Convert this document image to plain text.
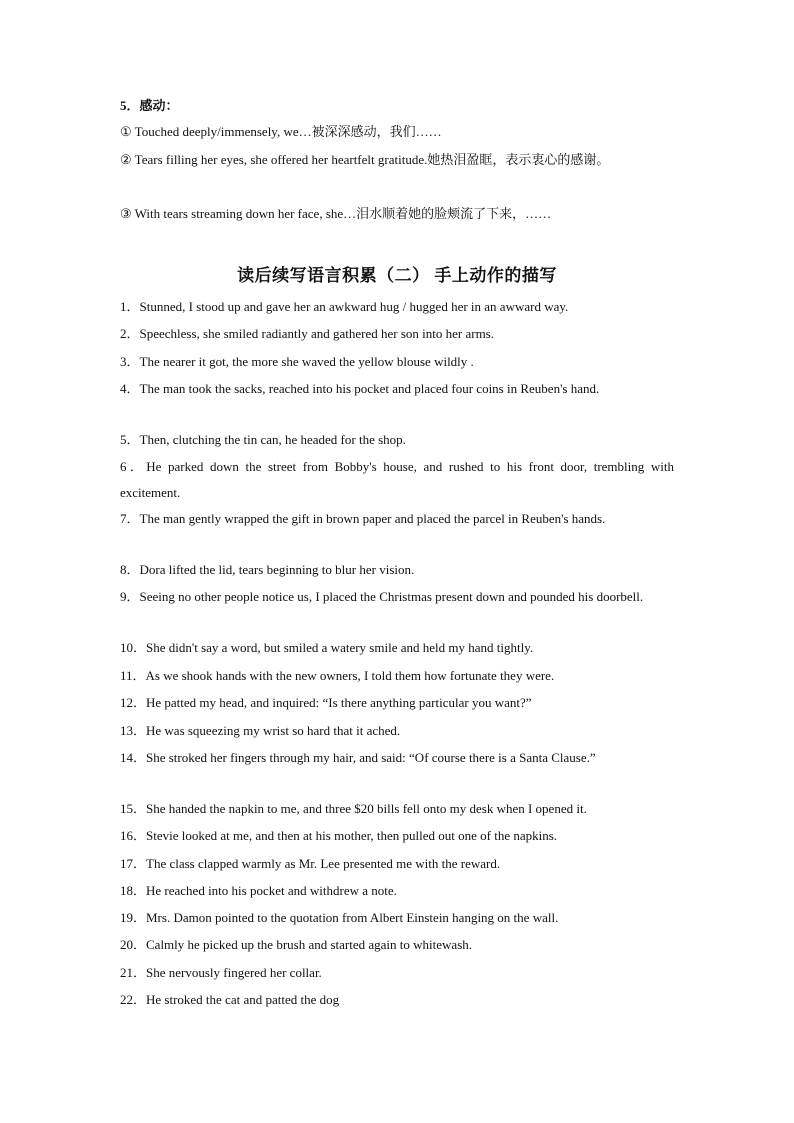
5．感动：
① Touched deeply/immensely, we…被深深感动，我们……
② Tears filling her eyes, she offered her heartfelt gratitude.她热泪盈眶，表示衷心的感谢。
③ With tears streaming down her face, she…泪水顺着她的脸颊流了下来，……
读后续写语言积累（二） 手上动作的描写
1．Stunned, I stood up and gave her an awkward hug / hugged her in an awward way.
2．Speechless, she smiled radiantly and gathered her son into her arms.
3．The nearer it got, the more she waved the yellow blouse wildly .
4．The man took the sacks, reached into his pocket and placed four coins in Reuben's hand.
5．Then, clutching the tin can, he headed for the shop.
6．He parked down the street from Bobby's house, and rushed to his front door, trembling with excitement.
7．The man gently wrapped the gift in brown paper and placed the parcel in Reuben's hands.
8．Dora lifted the lid, tears beginning to blur her vision.
9．Seeing no other people notice us, I placed the Christmas present down and pounded his doorbell.
10．She didn't say a word, but smiled a watery smile and held my hand tightly.
11．As we shook hands with the new owners, I told them how fortunate they were.
12．He patted my head, and inquired: “Is there anything particular you want?”
13．He was squeezing my wrist so hard that it ached.
14．She stroked her fingers through my hair, and said: “Of course there is a Santa Clause.”
15．She handed the napkin to me, and three $20 bills fell onto my desk when I opened it.
16．Stevie looked at me, and then at his mother, then pulled out one of the napkins.
17．The class clapped warmly as Mr. Lee presented me with the reward.
18．He reached into his pocket and withdrew a note.
19．Mrs. Damon pointed to the quotation from Albert Einstein hanging on the wall.
20．Calmly he picked up the brush and started again to whitewash.
21．She nervously fingered her collar.
22．He stroked the cat and patted the dog
